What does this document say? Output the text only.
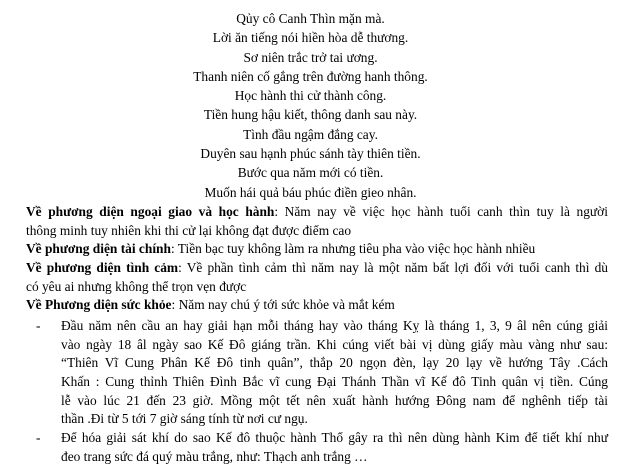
Qủy cô Canh Thìn mặn mà.
Lời ăn tiếng nói hiền hòa dễ thương.
Sơ niên trắc trở tai ương.
Thanh niên cố gắng trên đường hanh thông.
Học hành thi cử thành công.
Tiền hung hậu kiết, thông danh sau này.
Tình đầu ngậm đắng cay.
Duyên sau hạnh phúc sánh tày thiên tiền.
Bước qua năm mới có tiền.
Muốn hái quả báu phúc điền gieo nhân.
Về phương diện ngoại giao và học hành: Năm nay về việc học hành tuổi canh thìn tuy là người
thông minh tuy nhiên khi thi cử lại không đạt được điểm cao
Về phương diện tài chính: Tiền bạc tuy không làm ra nhưng tiêu pha vào việc học hành nhiều
Về phương diện tình cảm: Về phần tình cảm thì năm nay là một năm bất lợi đối với tuổi canh thì dù
có yêu ai nhưng không thể trọn vẹn được
Về Phương diện sức khỏe: Năm nay chú ý tới sức khỏe và mắt kém
- Đầu năm nên cầu an hay giải hạn mỗi tháng hay vào tháng Kỵ là tháng 1, 3, 9 âl nên cúng giải
vào ngày 18 âl ngày sao Kế Đô giáng trần. Khi cúng viết bài vị dùng giấy màu vàng như sau:
“Thiên Vĩ Cung Phân Kế Đô tinh quân”, thắp 20 ngọn đèn, lạy 20 lạy về hướng Tây .Cách
Khấn : Cung thỉnh Thiên Đình Bắc vĩ cung Đại Thánh Thần vĩ Kế đô Tinh quân vị tiền. Cúng
lễ vào lúc 21 đến 23 giờ. Mồng một tết nên xuất hành hướng Đông nam để nghênh tiếp tài
thần .Đi từ 5 tới 7 giờ sáng tính từ nơi cư ngụ.
- Để hóa giải sát khí do sao Kế đô thuộc hành Thổ gây ra thì nên dùng hành Kim để tiết khí như
đeo trang sức đá quý màu trắng, như: Thạch anh trắng …
